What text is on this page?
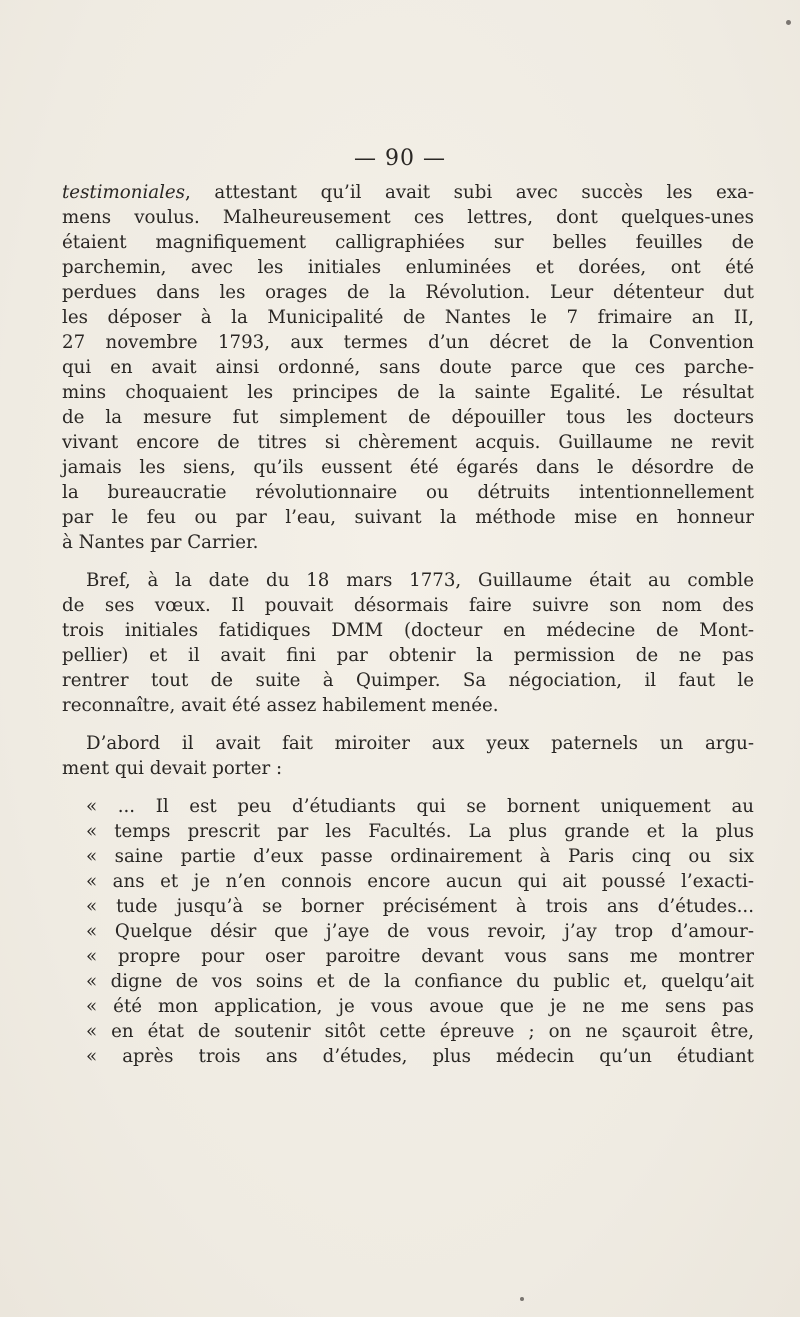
— 90 —
testimoniales, attestant qu’il avait subi avec succès les exa-
mens voulus. Malheureusement ces lettres, dont quelques-unes
étaient magnifiquement calligraphiées sur belles feuilles de
parchemin, avec les initiales enluminées et dorées, ont été
perdues dans les orages de la Révolution. Leur détenteur dut
les déposer à la Municipalité de Nantes le 7 frimaire an II,
27 novembre 1793, aux termes d’un décret de la Convention
qui en avait ainsi ordonné, sans doute parce que ces parche-
mins choquaient les principes de la sainte Egalité. Le résultat
de la mesure fut simplement de dépouiller tous les docteurs
vivant encore de titres si chèrement acquis. Guillaume ne revit
jamais les siens, qu’ils eussent été égarés dans le désordre de
la bureaucratie révolutionnaire ou détruits intentionnellement
par le feu ou par l’eau, suivant la méthode mise en honneur
à Nantes par Carrier.
Bref, à la date du 18 mars 1773, Guillaume était au comble
de ses vœux. Il pouvait désormais faire suivre son nom des
trois initiales fatidiques DMM (docteur en médecine de Mont-
pellier) et il avait fini par obtenir la permission de ne pas
rentrer tout de suite à Quimper. Sa négociation, il faut le
reconnaître, avait été assez habilement menée.
D’abord il avait fait miroiter aux yeux paternels un argu-
ment qui devait porter :
« ... Il est peu d’étudiants qui se bornent uniquement au
« temps prescrit par les Facultés. La plus grande et la plus
« saine partie d’eux passe ordinairement à Paris cinq ou six
« ans et je n’en connois encore aucun qui ait poussé l’exacti-
« tude jusqu’à se borner précisément à trois ans d’études...
« Quelque désir que j’aye de vous revoir, j’ay trop d’amour-
« propre pour oser paroitre devant vous sans me montrer
« digne de vos soins et de la confiance du public et, quelqu’ait
« été mon application, je vous avoue que je ne me sens pas
« en état de soutenir sitôt cette épreuve ; on ne sçauroit être,
« après trois ans d’études, plus médecin qu’un étudiant
